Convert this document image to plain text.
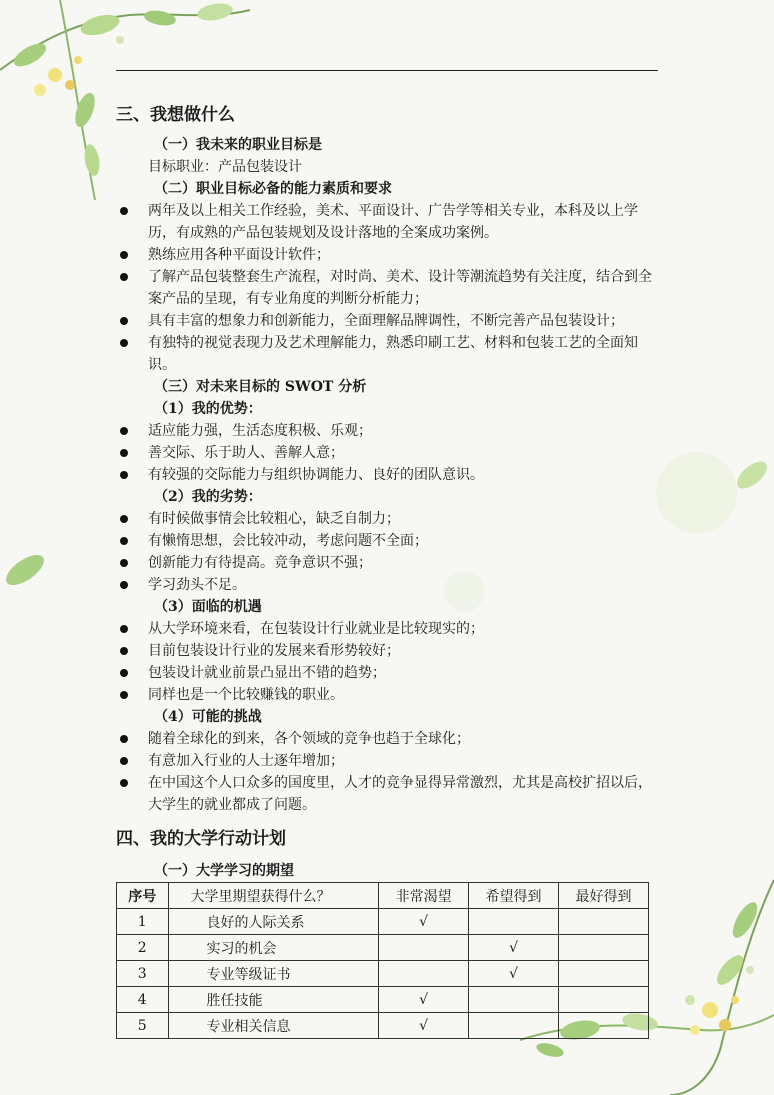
三、我想做什么

（一）我未来的职业目标是

目标职业：产品包装设计

（二）职业目标必备的能力素质和要求

两年及以上相关工作经验，美术、平面设计、广告学等相关专业，本科及以上学历，有成熟的产品包装规划及设计落地的全案成功案例。
熟练应用各种平面设计软件；
了解产品包装整套生产流程，对时尚、美术、设计等潮流趋势有关注度，结合到全案产品的呈现，有专业角度的判断分析能力；
具有丰富的想象力和创新能力，全面理解品牌调性，不断完善产品包装设计；
有独特的视觉表现力及艺术理解能力，熟悉印刷工艺、材料和包装工艺的全面知识。

（三）对未来目标的 SWOT 分析

（1）我的优势：

适应能力强，生活态度积极、乐观；
善交际、乐于助人、善解人意；
有较强的交际能力与组织协调能力、良好的团队意识。

（2）我的劣势：

有时候做事情会比较粗心，缺乏自制力；
有懒惰思想，会比较冲动，考虑问题不全面；
创新能力有待提高。竞争意识不强；
学习劲头不足。

（3）面临的机遇

从大学环境来看，在包装设计行业就业是比较现实的；
目前包装设计行业的发展来看形势较好；
包装设计就业前景凸显出不错的趋势；
同样也是一个比较赚钱的职业。

（4）可能的挑战

随着全球化的到来，各个领域的竞争也趋于全球化；
有意加入行业的人士逐年增加；
在中国这个人口众多的国度里，人才的竞争显得异常激烈，尤其是高校扩招以后，大学生的就业都成了问题。
四、我的大学行动计划

（一）大学学习的期望

序号	大学里期望获得什么？	非常渴望	希望得到	最好得到
1	良好的人际关系	√		
2	实习的机会		√	
3	专业等级证书		√	
4	胜任技能	√		
5	专业相关信息	√		
